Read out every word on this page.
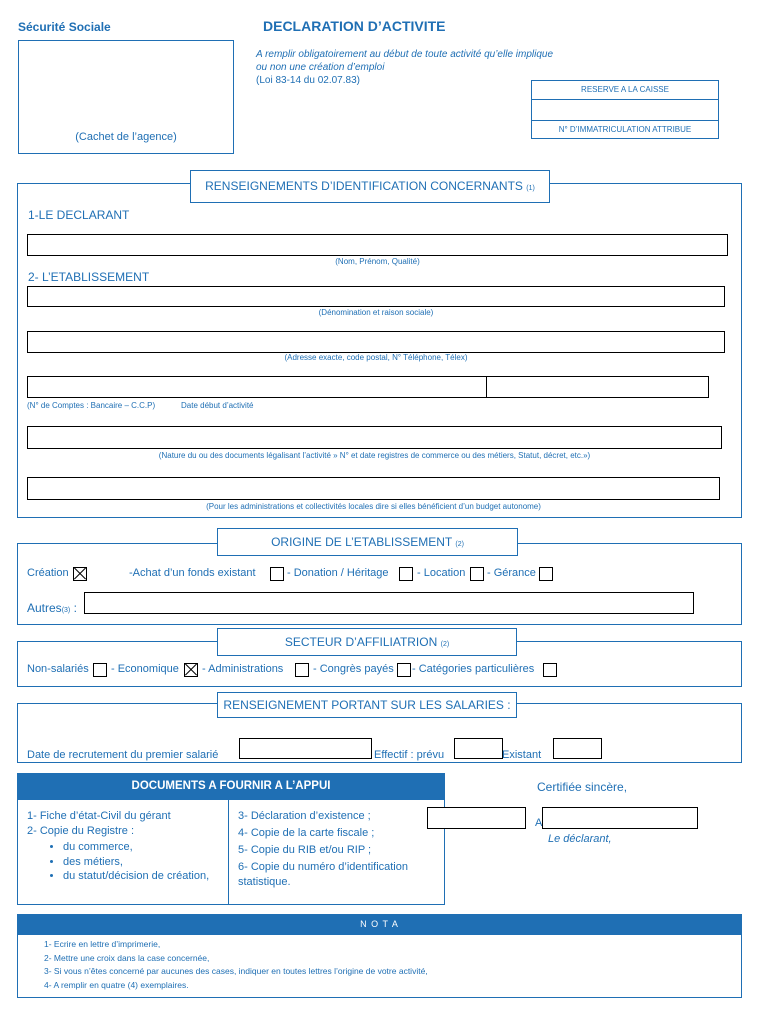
Sécurité Sociale	DECLARATION D’ACTIVITE
A remplir obligatoirement au début de toute activité qu’elle implique ou non une création d’emploi
(Loi 83-14 du 02.07.83)
(Cachet de l’agence)
RESERVE A LA CAISSE
N° D’IMMATRICULATION ATTRIBUE
RENSEIGNEMENTS D’IDENTIFICATION CONCERNANTS (1)
1-LE DECLARANT
(Nom, Prénom, Qualité)
2- L’ETABLISSEMENT
(Dénomination et raison sociale)
(Adresse exacte, code postal, N° Téléphone, Télex)
(N° de Comptes : Bancaire – C.C.P)	Date début d’activité
(Nature du ou des documents légalisant l’activité » N° et date registres de commerce ou des métiers, Statut, décret, etc.»)
(Pour les administrations et collectivités locales dire si elles bénéficient d’un budget autonome)
ORIGINE DE L’ETABLISSEMENT (2)
Création	-Achat d’un fonds existant	- Donation / Héritage	- Location - Gérance
Autres(3) :
SECTEUR D’AFFILIATRION (2)
Non-salariés - Economique - Administrations	- Congrès payés - Catégories particulières
RENSEIGNEMENT PORTANT SUR LES SALARIES :
Date de recrutement du premier salarié	Effectif : prévu	Existant
DOCUMENTS A FOURNIR A L’APPUI
1- Fiche d’état-Civil du gérant
2- Copie du Registre :
• du commerce,
• des métiers,
• du statut/décision de création,
3- Déclaration d’existence ;
4- Copie de la carte fiscale ;
5- Copie du RIB et/ou RIP ;
6- Copie du numéro d’identification statistique.
Certifiée sincère,
A
Le déclarant,
N O T A
1- Ecrire en lettre d’imprimerie,
2- Mettre une croix dans la case concernée,
3- Si vous n’êtes concerné par aucunes des cases, indiquer en toutes lettres l’origine de votre activité,
4- A remplir en quatre (4) exemplaires.
